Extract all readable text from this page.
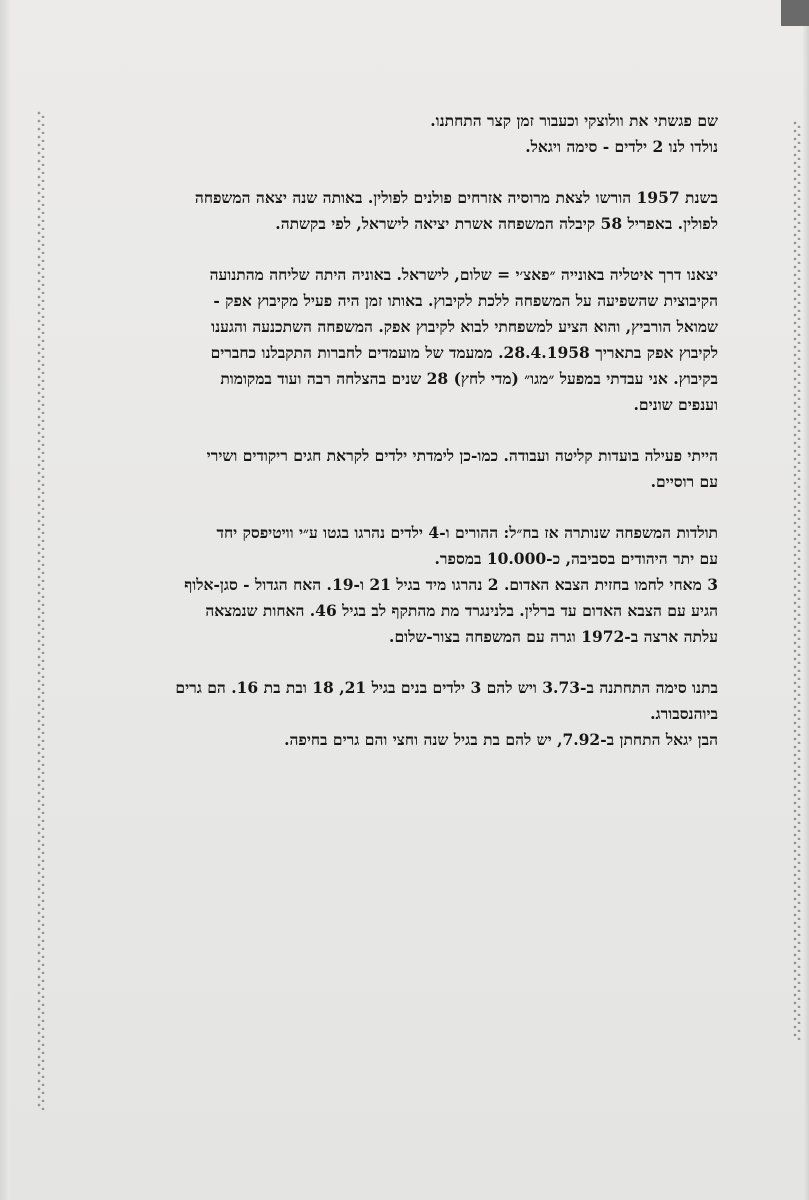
שם פגשתי את וולוצקי וכעבור זמן קצר התחתנו.
נולדו לנו 2 ילדים - סימה ויגאל.
בשנת 1957 הורשו לצאת מרוסיה אזרחים פולנים לפולין. באותה שנה יצאה המשפחה
לפולין. באפריל 58 קיבלה המשפחה אשרת יציאה לישראל, לפי בקשתה.
יצאנו דרך איטליה באונייה ״פאצ׳י = שלום, לישראל. באוניה היתה שליחה מהתנועה
הקיבוצית שהשפיעה על המשפחה ללכת לקיבוץ. באותו זמן היה פעיל מקיבוץ אפק -
שמואל הורביץ, והוא הציע למשפחתי לבוא לקיבוץ אפק. המשפחה השתכנעה והגענו
לקיבוץ אפק בתאריך 28.4.1958. ממעמד של מועמדים לחברות התקבלנו כחברים
בקיבוץ. אני עבדתי במפעל ״מגו״ (מדי לחץ) 28 שנים בהצלחה רבה ועוד במקומות
וענפים שונים.
הייתי פעילה בועדות קליטה ועבודה. כמו-כן לימדתי ילדים לקראת חגים ריקודים ושירי
עם רוסיים.
תולדות המשפחה שנותרה אז בח״ל: ההורים ו-4 ילדים נהרגו בגטו ע״י וויטיפסק יחד
עם יתר היהודים בסביבה, כ-10.000 במספר.
3 מאחי לחמו בחזית הצבא האדום. 2 נהרגו מיד בגיל 21 ו-19. האח הגדול - סגן-אלוף
הגיע עם הצבא האדום עד ברלין. בלנינגרד מת מהתקף לב בגיל 46. האחות שנמצאה
עלתה ארצה ב-1972 וגרה עם המשפחה בצור-שלום.
בתנו סימה התחתנה ב-3.73 ויש להם 3 ילדים בנים בגיל 21, 18 ובת בת 16. הם גרים
ביוהנסבורג.
הבן יגאל התחתן ב-7.92, יש להם בת בגיל שנה וחצי והם גרים בחיפה.
